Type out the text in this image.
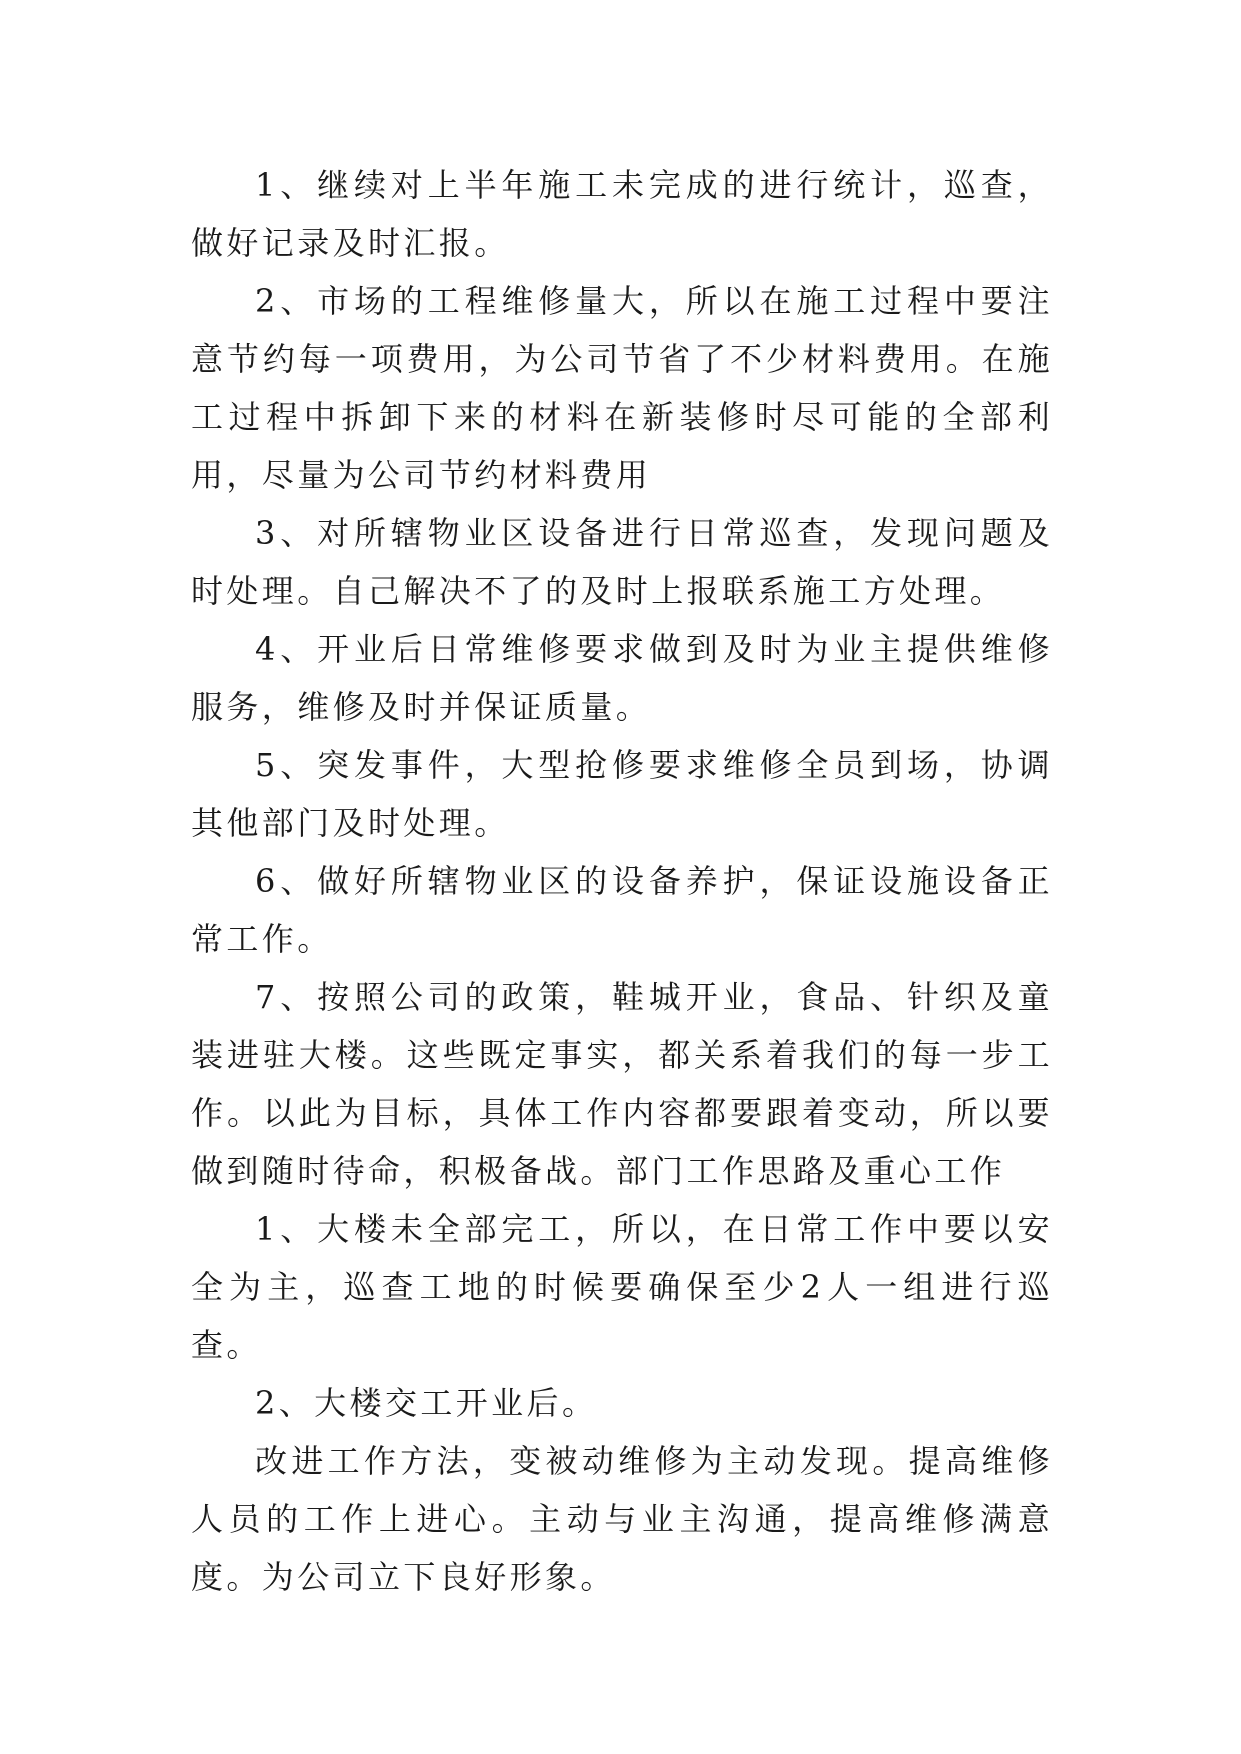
1、继续对上半年施工未完成的进行统计，巡查，做好记录及时汇报。

2、市场的工程维修量大，所以在施工过程中要注意节约每一项费用，为公司节省了不少材料费用。在施工过程中拆卸下来的材料在新装修时尽可能的全部利用，尽量为公司节约材料费用

3、对所辖物业区设备进行日常巡查，发现问题及时处理。自己解决不了的及时上报联系施工方处理。

4、开业后日常维修要求做到及时为业主提供维修服务，维修及时并保证质量。

5、突发事件，大型抢修要求维修全员到场，协调其他部门及时处理。

6、做好所辖物业区的设备养护，保证设施设备正常工作。

7、按照公司的政策，鞋城开业，食品、针织及童装进驻大楼。这些既定事实，都关系着我们的每一步工作。以此为目标，具体工作内容都要跟着变动，所以要做到随时待命，积极备战。部门工作思路及重心工作

1、大楼未全部完工，所以，在日常工作中要以安全为主，巡查工地的时候要确保至少2人一组进行巡查。

2、大楼交工开业后。

改进工作方法，变被动维修为主动发现。提高维修人员的工作上进心。主动与业主沟通，提高维修满意度。为公司立下良好形象。
